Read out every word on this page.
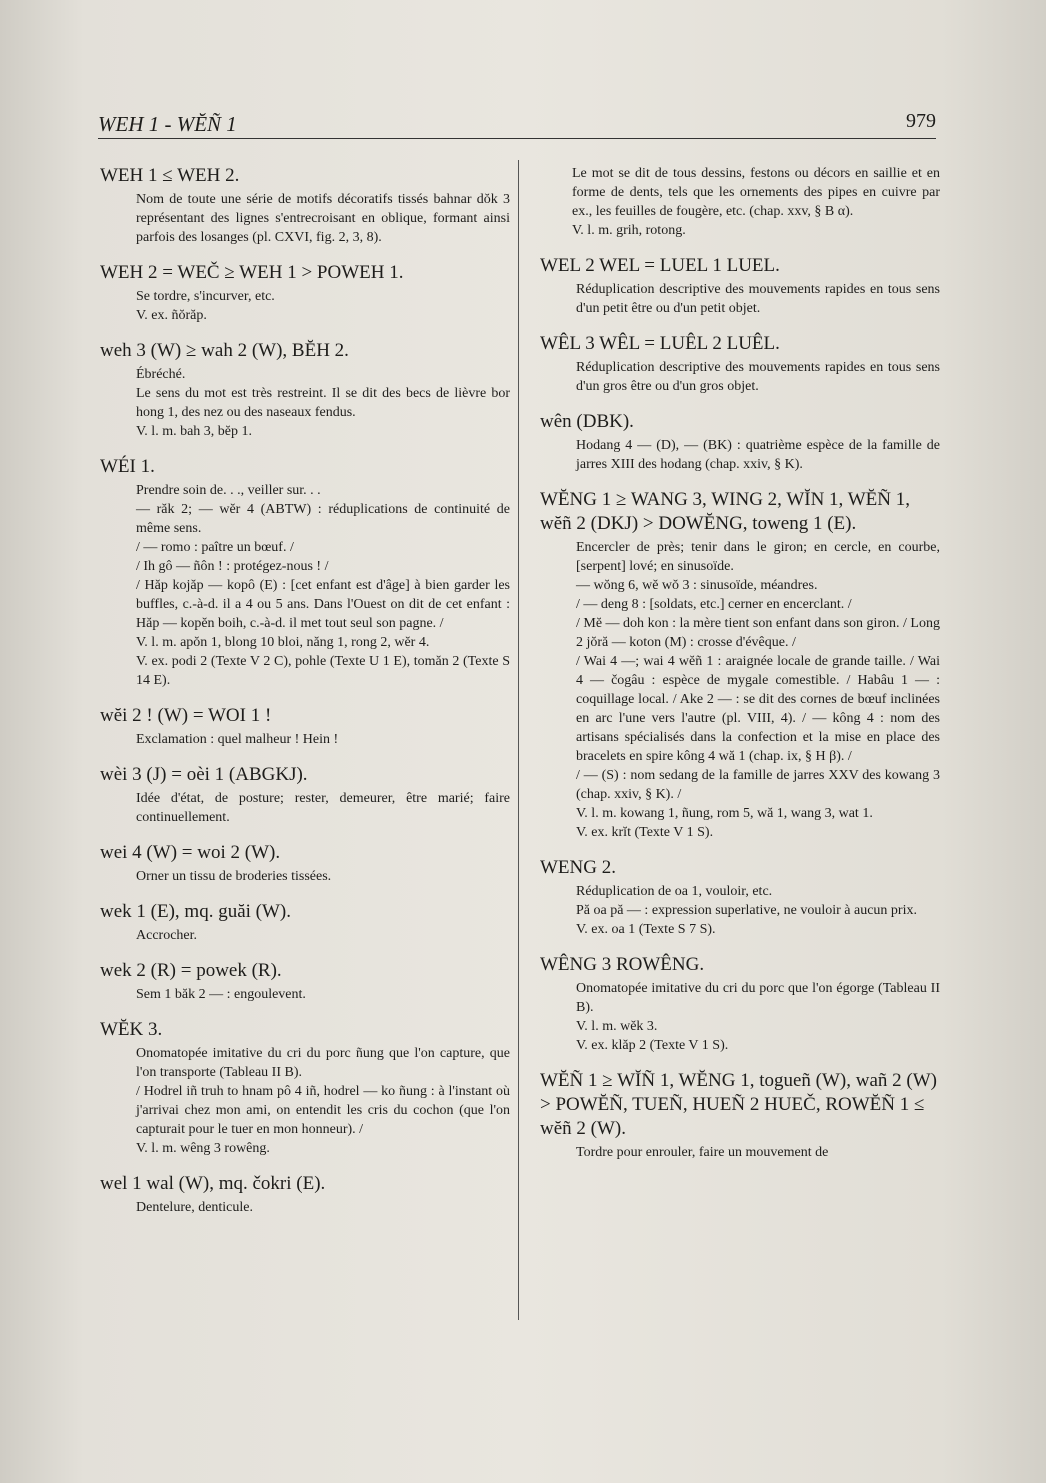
WEH 1 - WĔÑ 1	979
WEH 1 ≤ WEH 2.

Nom de toute une série de motifs décoratifs tissés bahnar dŏk 3 représentant des lignes s'entrecroisant en oblique, formant ainsi parfois des losanges (pl. CXVI, fig. 2, 3, 8).

WEH 2 = WEČ ≥ WEH 1 > POWEH 1.

Se tordre, s'incurver, etc.

V. ex. ñŏrăp.

weh 3 (W) ≥ wah 2 (W), BĔH 2.

Ébréché.

Le sens du mot est très restreint. Il se dit des becs de lièvre bor hong 1, des nez ou des naseaux fendus.

V. l. m. bah 3, bĕp 1.

WÉI 1.

Prendre soin de. . ., veiller sur. . .

— răk 2; — wĕr 4 (ABTW) : réduplications de continuité de même sens.

/ — romo : paître un bœuf. /

/ Ih gô — ñôn ! : protégez-nous ! /

/ Hăp kojăp — kopô (E) : [cet enfant est d'âge] à bien garder les buffles, c.-à-d. il a 4 ou 5 ans. Dans l'Ouest on dit de cet enfant : Hăp — kopĕn boih, c.-à-d. il met tout seul son pagne. /

V. l. m. apŏn 1, blong 10 bloi, năng 1, rong 2, wĕr 4.

V. ex. podi 2 (Texte V 2 C), pohle (Texte U 1 E), tomăn 2 (Texte S 14 E).

wĕi 2 ! (W) = WOI 1 !

Exclamation : quel malheur ! Hein !

wèi 3 (J) = oèi 1 (ABGKJ).

Idée d'état, de posture; rester, demeurer, être marié; faire continuellement.

wei 4 (W) = woi 2 (W).

Orner un tissu de broderies tissées.

wek 1 (E), mq. guăi (W).

Accrocher.

wek 2 (R) = powek (R).

Sem 1 băk 2 — : engoulevent.

WĔK 3.

Onomatopée imitative du cri du porc ñung que l'on capture, que l'on transporte (Tableau II B).

/ Hodrel iñ truh to hnam pô 4 iñ, hodrel — ko ñung : à l'instant où j'arrivai chez mon ami, on entendit les cris du cochon (que l'on capturait pour le tuer en mon honneur). /

V. l. m. wêng 3 rowêng.

wel 1 wal (W), mq. čokri (E).

Dentelure, denticule.

Le mot se dit de tous dessins, festons ou décors en saillie et en forme de dents, tels que les ornements des pipes en cuivre par ex., les feuilles de fougère, etc. (chap. xxv, § B α).

V. l. m. grih, rotong.

WEL 2 WEL = LUEL 1 LUEL.

Réduplication descriptive des mouvements rapides en tous sens d'un petit être ou d'un petit objet.

WÊL 3 WÊL = LUÊL 2 LUÊL.

Réduplication descriptive des mouvements rapides en tous sens d'un gros être ou d'un gros objet.

wên (DBK).

Hodang 4 — (D), — (BK) : quatrième espèce de la famille de jarres XIII des hodang (chap. xxiv, § K).

WĔNG 1 ≥ WANG 3, WING 2, WĬN 1, WĔÑ 1, wĕñ 2 (DKJ) > DOWĔNG, toweng 1 (E).

Encercler de près; tenir dans le giron; en cercle, en courbe, [serpent] lové; en sinusoïde.

— wŏng 6, wĕ wŏ 3 : sinusoïde, méandres.

/ — deng 8 : [soldats, etc.] cerner en encerclant. /

/ Mĕ — doh kon : la mère tient son enfant dans son giron. / Long 2 jŏră — koton (M) : crosse d'évêque. /

/ Wai 4 —; wai 4 wĕñ 1 : araignée locale de grande taille. / Wai 4 — čogâu : espèce de mygale comestible. / Habâu 1 — : coquillage local. / Ake 2 — : se dit des cornes de bœuf inclinées en arc l'une vers l'autre (pl. VIII, 4). / — kông 4 : nom des artisans spécialisés dans la confection et la mise en place des bracelets en spire kông 4 wă 1 (chap. ix, § H β). /

/ — (S) : nom sedang de la famille de jarres XXV des kowang 3 (chap. xxiv, § K). /

V. l. m. kowang 1, ñung, rom 5, wă 1, wang 3, wat 1.

V. ex. krĭt (Texte V 1 S).

WENG 2.

Réduplication de oa 1, vouloir, etc.

Pă oa pă — : expression superlative, ne vouloir à aucun prix.

V. ex. oa 1 (Texte S 7 S).

WÊNG 3 ROWÊNG.

Onomatopée imitative du cri du porc que l'on égorge (Tableau II B).

V. l. m. wĕk 3.

V. ex. klăp 2 (Texte V 1 S).

WĔÑ 1 ≥ WĬÑ 1, WĔNG 1, togueñ (W), wañ 2 (W) > POWĔÑ, TUEÑ, HUEÑ 2 HUEČ, ROWĔÑ 1 ≤ wĕñ 2 (W).

Tordre pour enrouler, faire un mouvement de
